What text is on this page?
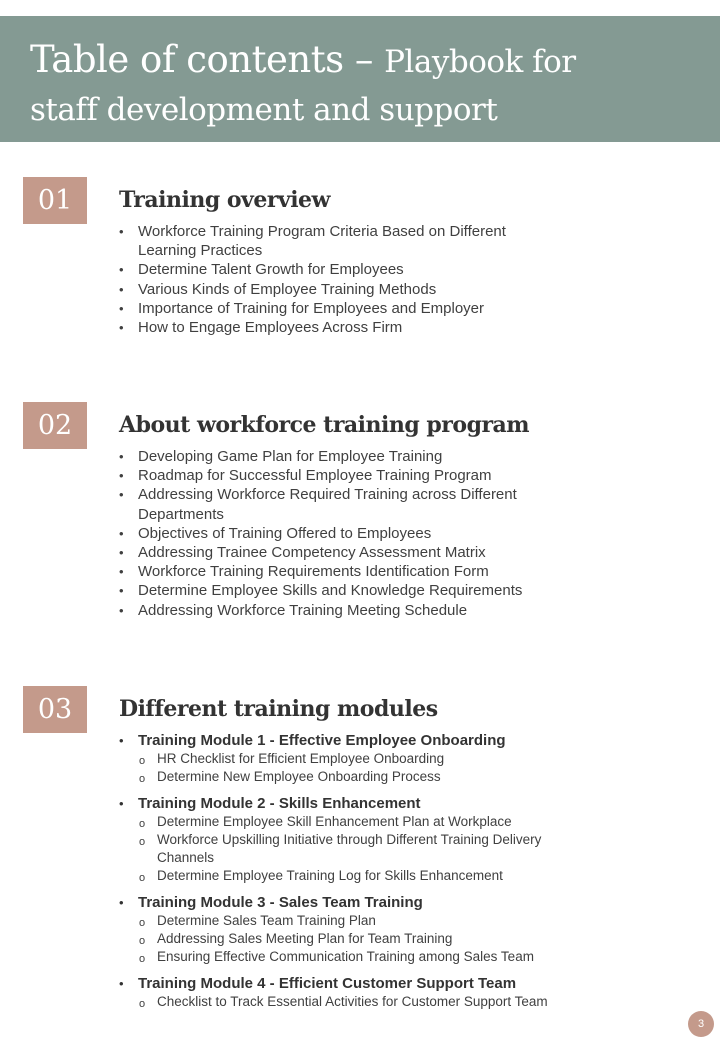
Table of contents – Playbook for
staff development and support
01	Training overview
• Workforce Training Program Criteria Based on Different Learning Practices
• Determine Talent Growth for Employees
• Various Kinds of Employee Training Methods
• Importance of Training for Employees and Employer
• How to Engage Employees Across Firm
02	About workforce training program
• Developing Game Plan for Employee Training
• Roadmap for Successful Employee Training Program
• Addressing Workforce Required Training across Different Departments
• Objectives of Training Offered to Employees
• Addressing Trainee Competency Assessment Matrix
• Workforce Training Requirements Identification Form
• Determine Employee Skills and Knowledge Requirements
• Addressing Workforce Training Meeting Schedule
03	Different training modules
• Training Module 1 - Effective Employee Onboarding
o HR Checklist for Efficient Employee Onboarding
o Determine New Employee Onboarding Process
• Training Module 2 - Skills Enhancement
o Determine Employee Skill Enhancement Plan at Workplace
o Workforce Upskilling Initiative through Different Training Delivery Channels
o Determine Employee Training Log for Skills Enhancement
• Training Module 3 - Sales Team Training
o Determine Sales Team Training Plan
o Addressing Sales Meeting Plan for Team Training
o Ensuring Effective Communication Training among Sales Team
• Training Module 4 - Efficient Customer Support Team
o Checklist to Track Essential Activities for Customer Support Team
3
